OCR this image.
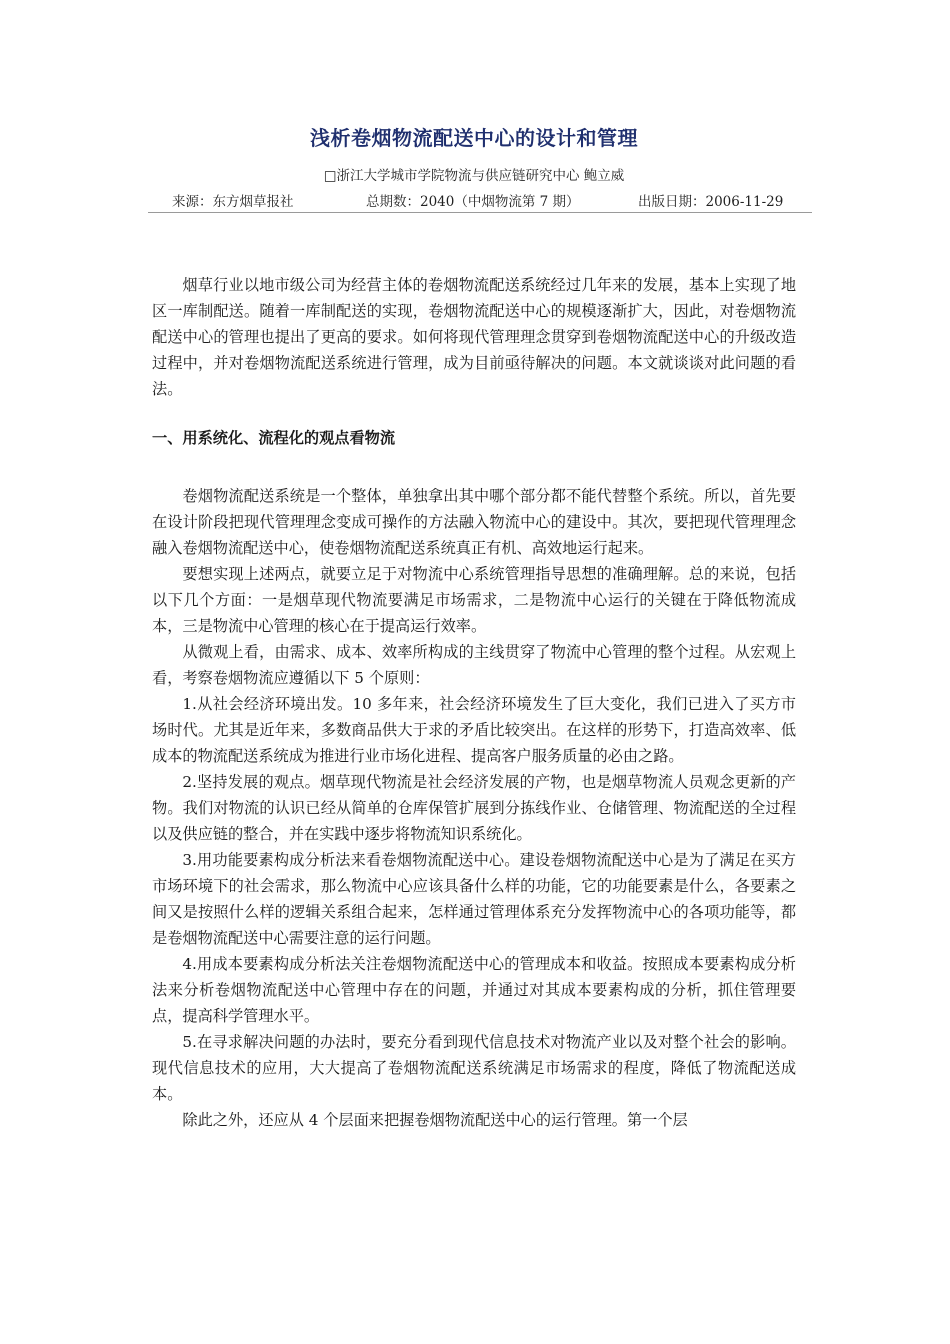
浅析卷烟物流配送中心的设计和管理
□浙江大学城市学院物流与供应链研究中心 鲍立威
来源：东方烟草报社	总期数：2040（中烟物流第 7 期）	出版日期：2006-11-29

烟草行业以地市级公司为经营主体的卷烟物流配送系统经过几年来的发展，基本上实现了地区一库制配送。随着一库制配送的实现，卷烟物流配送中心的规模逐渐扩大，因此，对卷烟物流配送中心的管理也提出了更高的要求。如何将现代管理理念贯穿到卷烟物流配送中心的升级改造过程中，并对卷烟物流配送系统进行管理，成为目前亟待解决的问题。本文就谈谈对此问题的看法。

一、用系统化、流程化的观点看物流

卷烟物流配送系统是一个整体，单独拿出其中哪个部分都不能代替整个系统。所以，首先要在设计阶段把现代管理理念变成可操作的方法融入物流中心的建设中。其次，要把现代管理理念融入卷烟物流配送中心，使卷烟物流配送系统真正有机、高效地运行起来。

要想实现上述两点，就要立足于对物流中心系统管理指导思想的准确理解。总的来说，包括以下几个方面：一是烟草现代物流要满足市场需求，二是物流中心运行的关键在于降低物流成本，三是物流中心管理的核心在于提高运行效率。

从微观上看，由需求、成本、效率所构成的主线贯穿了物流中心管理的整个过程。从宏观上看，考察卷烟物流应遵循以下 5 个原则：

1.从社会经济环境出发。10 多年来，社会经济环境发生了巨大变化，我们已进入了买方市场时代。尤其是近年来，多数商品供大于求的矛盾比较突出。在这样的形势下，打造高效率、低成本的物流配送系统成为推进行业市场化进程、提高客户服务质量的必由之路。

2.坚持发展的观点。烟草现代物流是社会经济发展的产物，也是烟草物流人员观念更新的产物。我们对物流的认识已经从简单的仓库保管扩展到分拣线作业、仓储管理、物流配送的全过程以及供应链的整合，并在实践中逐步将物流知识系统化。

3.用功能要素构成分析法来看卷烟物流配送中心。建设卷烟物流配送中心是为了满足在买方市场环境下的社会需求，那么物流中心应该具备什么样的功能，它的功能要素是什么，各要素之间又是按照什么样的逻辑关系组合起来，怎样通过管理体系充分发挥物流中心的各项功能等，都是卷烟物流配送中心需要注意的运行问题。

4.用成本要素构成分析法关注卷烟物流配送中心的管理成本和收益。按照成本要素构成分析法来分析卷烟物流配送中心管理中存在的问题，并通过对其成本要素构成的分析，抓住管理要点，提高科学管理水平。

5.在寻求解决问题的办法时，要充分看到现代信息技术对物流产业以及对整个社会的影响。现代信息技术的应用，大大提高了卷烟物流配送系统满足市场需求的程度，降低了物流配送成本。

除此之外，还应从 4 个层面来把握卷烟物流配送中心的运行管理。第一个层
